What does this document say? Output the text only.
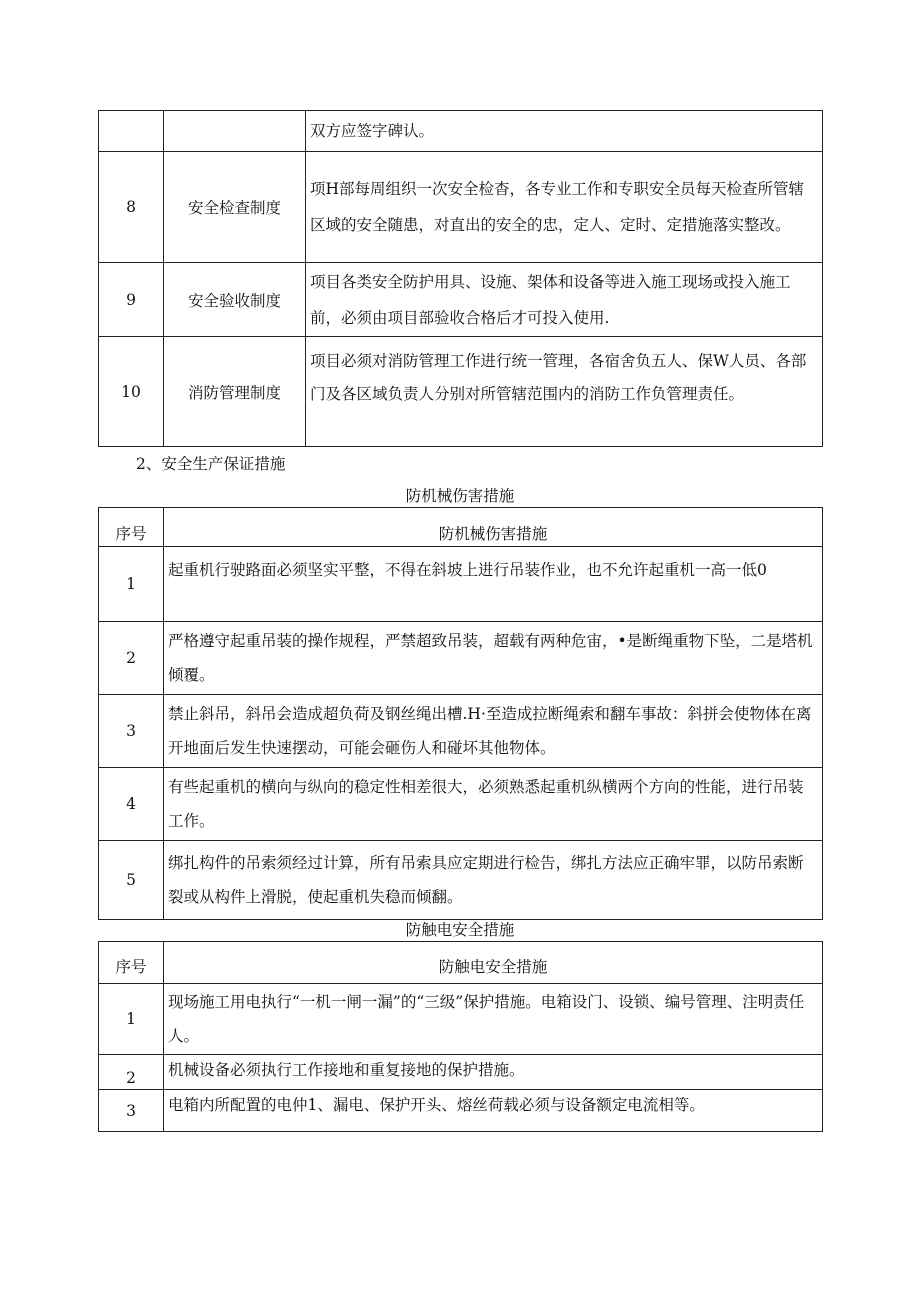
		双方应签字碑认。
8	安全检查制度	项H部每周组织一次安全检杳，各专业工作和专职安全员每天检查所管辖区域的安全随患，对直出的安全的忠，定人、定时、定措施落实整改。
9	安全验收制度	项目各类安全防护用具、设施、架体和设备等进入施工现场或投入施工前，必须由项目部验收合格后才可投入使用.
10	消防管理制度	项目必须对消防管理工作进行统一管理，各宿舍负五人、保W人员、各部门及各区域负责人分别对所管辖范围内的消防工作负管理责任。
2、安全生产保证措施
防机械伤害措施
序号	防机械伤害措施
1	起重机行驶路面必须坚实平整，不得在斜坡上进行吊装作业，也不允许起重机一高一低0
2	严格遵守起重吊装的操作规程，严禁超致吊装，超载有两种危宙，•是断绳重物下坠，二是塔机倾覆。
3	禁止斜吊，斜吊会造成超负荷及钢丝绳出槽.H·至造成拉断绳索和翻车事故：斜拼会使物体在离开地面后发生快速摆动，可能会砸伤人和碰坏其他物体。
4	有些起重机的横向与纵向的稳定性相差很大，必须熟悉起重机纵横两个方向的性能，进行吊装工作。
5	绑扎构件的吊索须经过计算，所有吊索具应定期进行检告，绑扎方法应正确牢罪，以防吊索断裂或从构件上滑脱，使起重机失稳而倾翻。
防触电安全措施
序号	防触电安全措施
1	现场施工用电执行“一机一闸一漏”的“三级”保护措施。电箱设门、设锁、编号管理、注明责任人。
2	机械设备必须执行工作接地和重复接地的保护措施。
3	电箱内所配置的电仲1、漏电、保护开头、熔丝荷载必须与设备额定电流相等。
